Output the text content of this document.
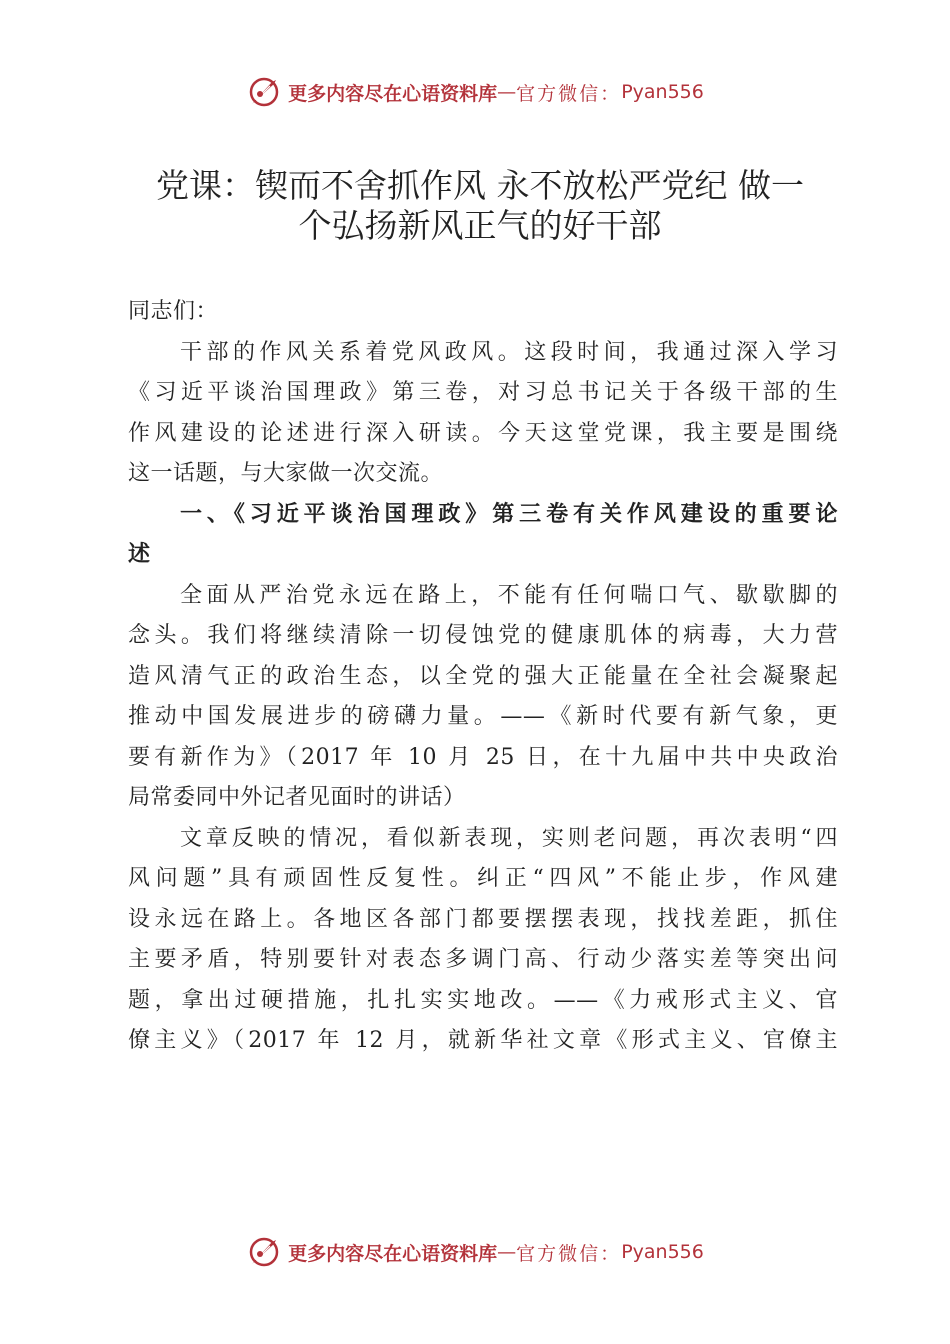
更多内容尽在心语资料库 — 官方微信： Pyan556
党课：锲而不舍抓作风 永不放松严党纪 做一
个弘扬新风正气的好干部
同志们：
干部的作风关系着党风政风。这段时间，我通过深入学习
《习近平谈治国理政》第三卷，对习总书记关于各级干部的生
作风建设的论述进行深入研读。今天这堂党课，我主要是围绕
这一话题，与大家做一次交流。
一、《习近平谈治国理政》第三卷有关作风建设的重要论
述
全面从严治党永远在路上，不能有任何喘口气、歇歇脚的
念头。我们将继续清除一切侵蚀党的健康肌体的病毒，大力营
造风清气正的政治生态，以全党的强大正能量在全社会凝聚起
推动中国发展进步的磅礴力量。——《新时代要有新气象，更
要有新作为》（2017 年 10 月 25 日，在十九届中共中央政治
局常委同中外记者见面时的讲话）
文章反映的情况，看似新表现，实则老问题，再次表明“四
风问题”具有顽固性反复性。纠正“四风”不能止步，作风建
设永远在路上。各地区各部门都要摆摆表现，找找差距，抓住
主要矛盾，特别要针对表态多调门高、行动少落实差等突出问
题，拿出过硬措施，扎扎实实地改。——《力戒形式主义、官
僚主义》（2017 年 12 月，就新华社文章《形式主义、官僚主
更多内容尽在心语资料库 — 官方微信： Pyan556
